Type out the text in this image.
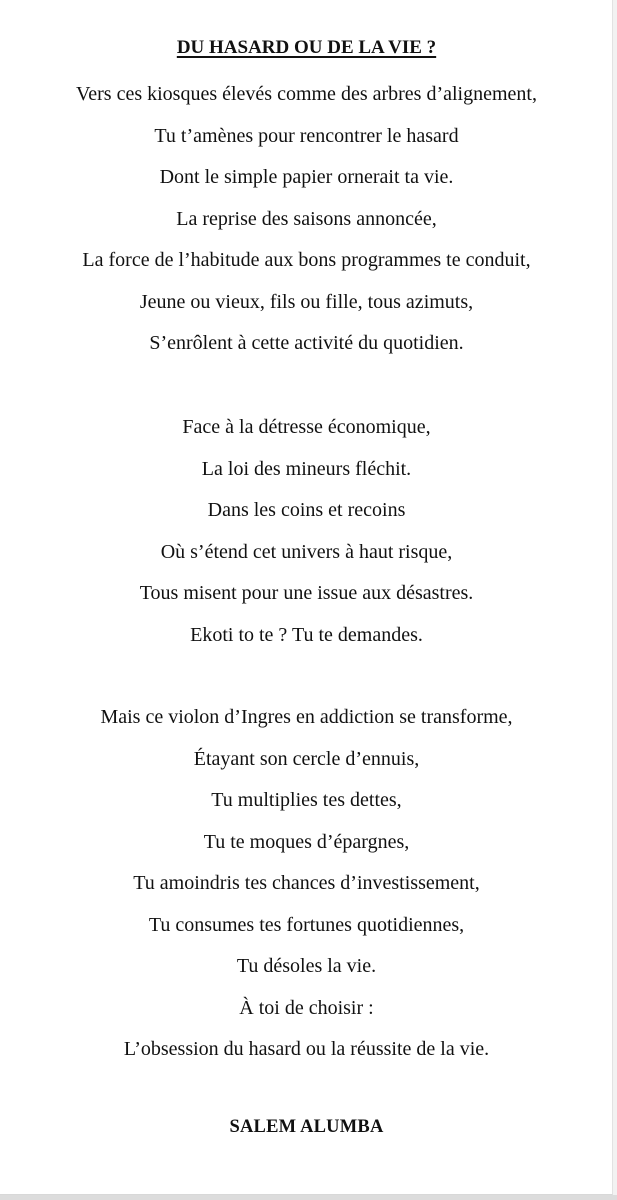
DU HASARD OU DE LA VIE ?
Vers ces kiosques élevés comme des arbres d’alignement,
Tu t’amènes pour rencontrer le hasard
Dont le simple papier ornerait ta vie.
La reprise des saisons annoncée,
La force de l’habitude aux bons programmes te conduit,
Jeune ou vieux, fils ou fille, tous azimuts,
S’enrôlent à cette activité du quotidien.
Face à la détresse économique,
La loi des mineurs fléchit.
Dans les coins et recoins
Où s’étend cet univers à haut risque,
Tous misent pour une issue aux désastres.
Ekoti to te ? Tu te demandes.
Mais ce violon d’Ingres en addiction se transforme,
Étayant son cercle d’ennuis,
Tu multiplies tes dettes,
Tu te moques d’épargnes,
Tu amoindris tes chances d’investissement,
Tu consumes tes fortunes quotidiennes,
Tu désoles la vie.
À toi de choisir :
L’obsession du hasard ou la réussite de la vie.
SALEM ALUMBA
